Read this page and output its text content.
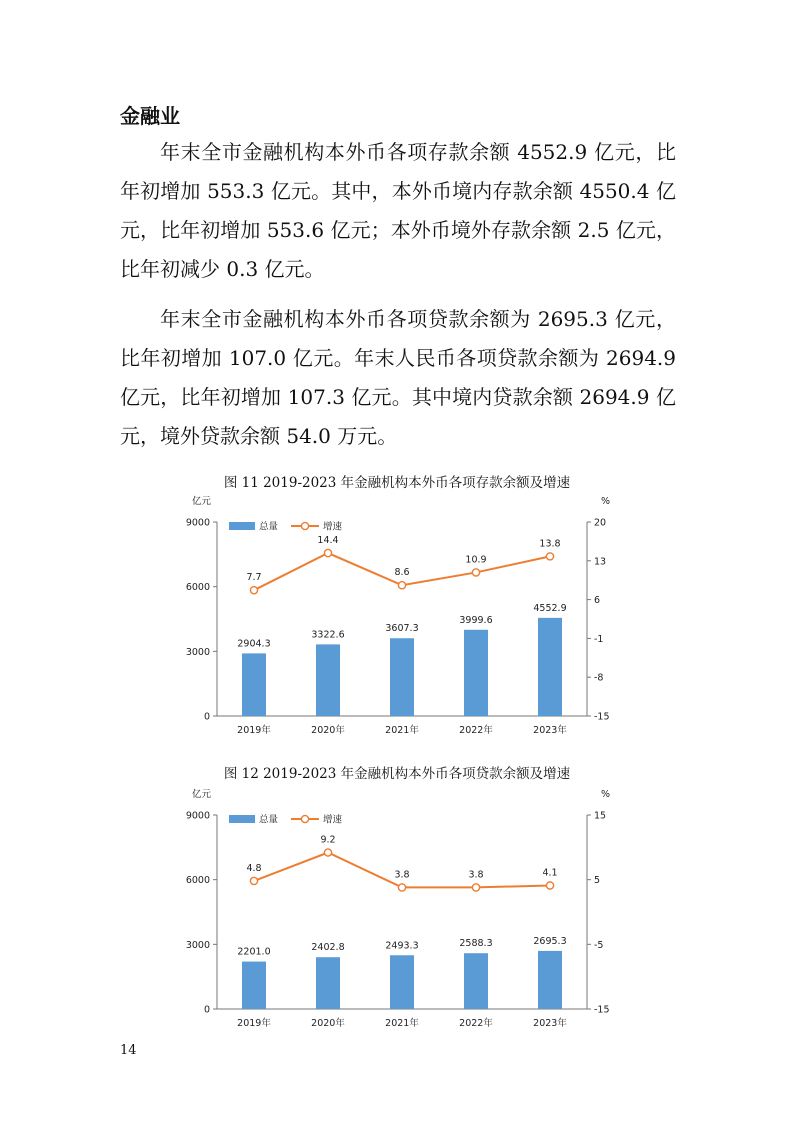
金融业

年末全市金融机构本外币各项存款余额 4552.9 亿元，比年初增加 553.3 亿元。其中，本外币境内存款余额 4550.4 亿元，比年初增加 553.6 亿元；本外币境外存款余额 2.5 亿元，比年初减少 0.3 亿元。

年末全市金融机构本外币各项贷款余额为 2695.3 亿元，比年初增加 107.0 亿元。年末人民币各项贷款余额为 2694.9 亿元，比年初增加 107.3 亿元。其中境内贷款余额 2694.9 亿元，境外贷款余额 54.0 万元。

图 11 2019-2023 年金融机构本外币各项存款余额及增速
亿元	%
0
3000
6000
9000
-15
-8
-1
6
13
20
2904.3
3322.6
3607.3
3999.6
4552.9
2019年	2020年	2021年	2022年	2023年
7.7
14.4
8.6
10.9
13.8
总量	增速
图 12 2019-2023 年金融机构本外币各项贷款余额及增速
亿元	%
0
3000
6000
9000
-15
-5
5
15
2201.0	2402.8	2493.3	2588.3	2695.3
2019年	2020年	2021年	2022年	2023年
4.8
9.2
3.8	3.8	4.1
总量	增速
14
